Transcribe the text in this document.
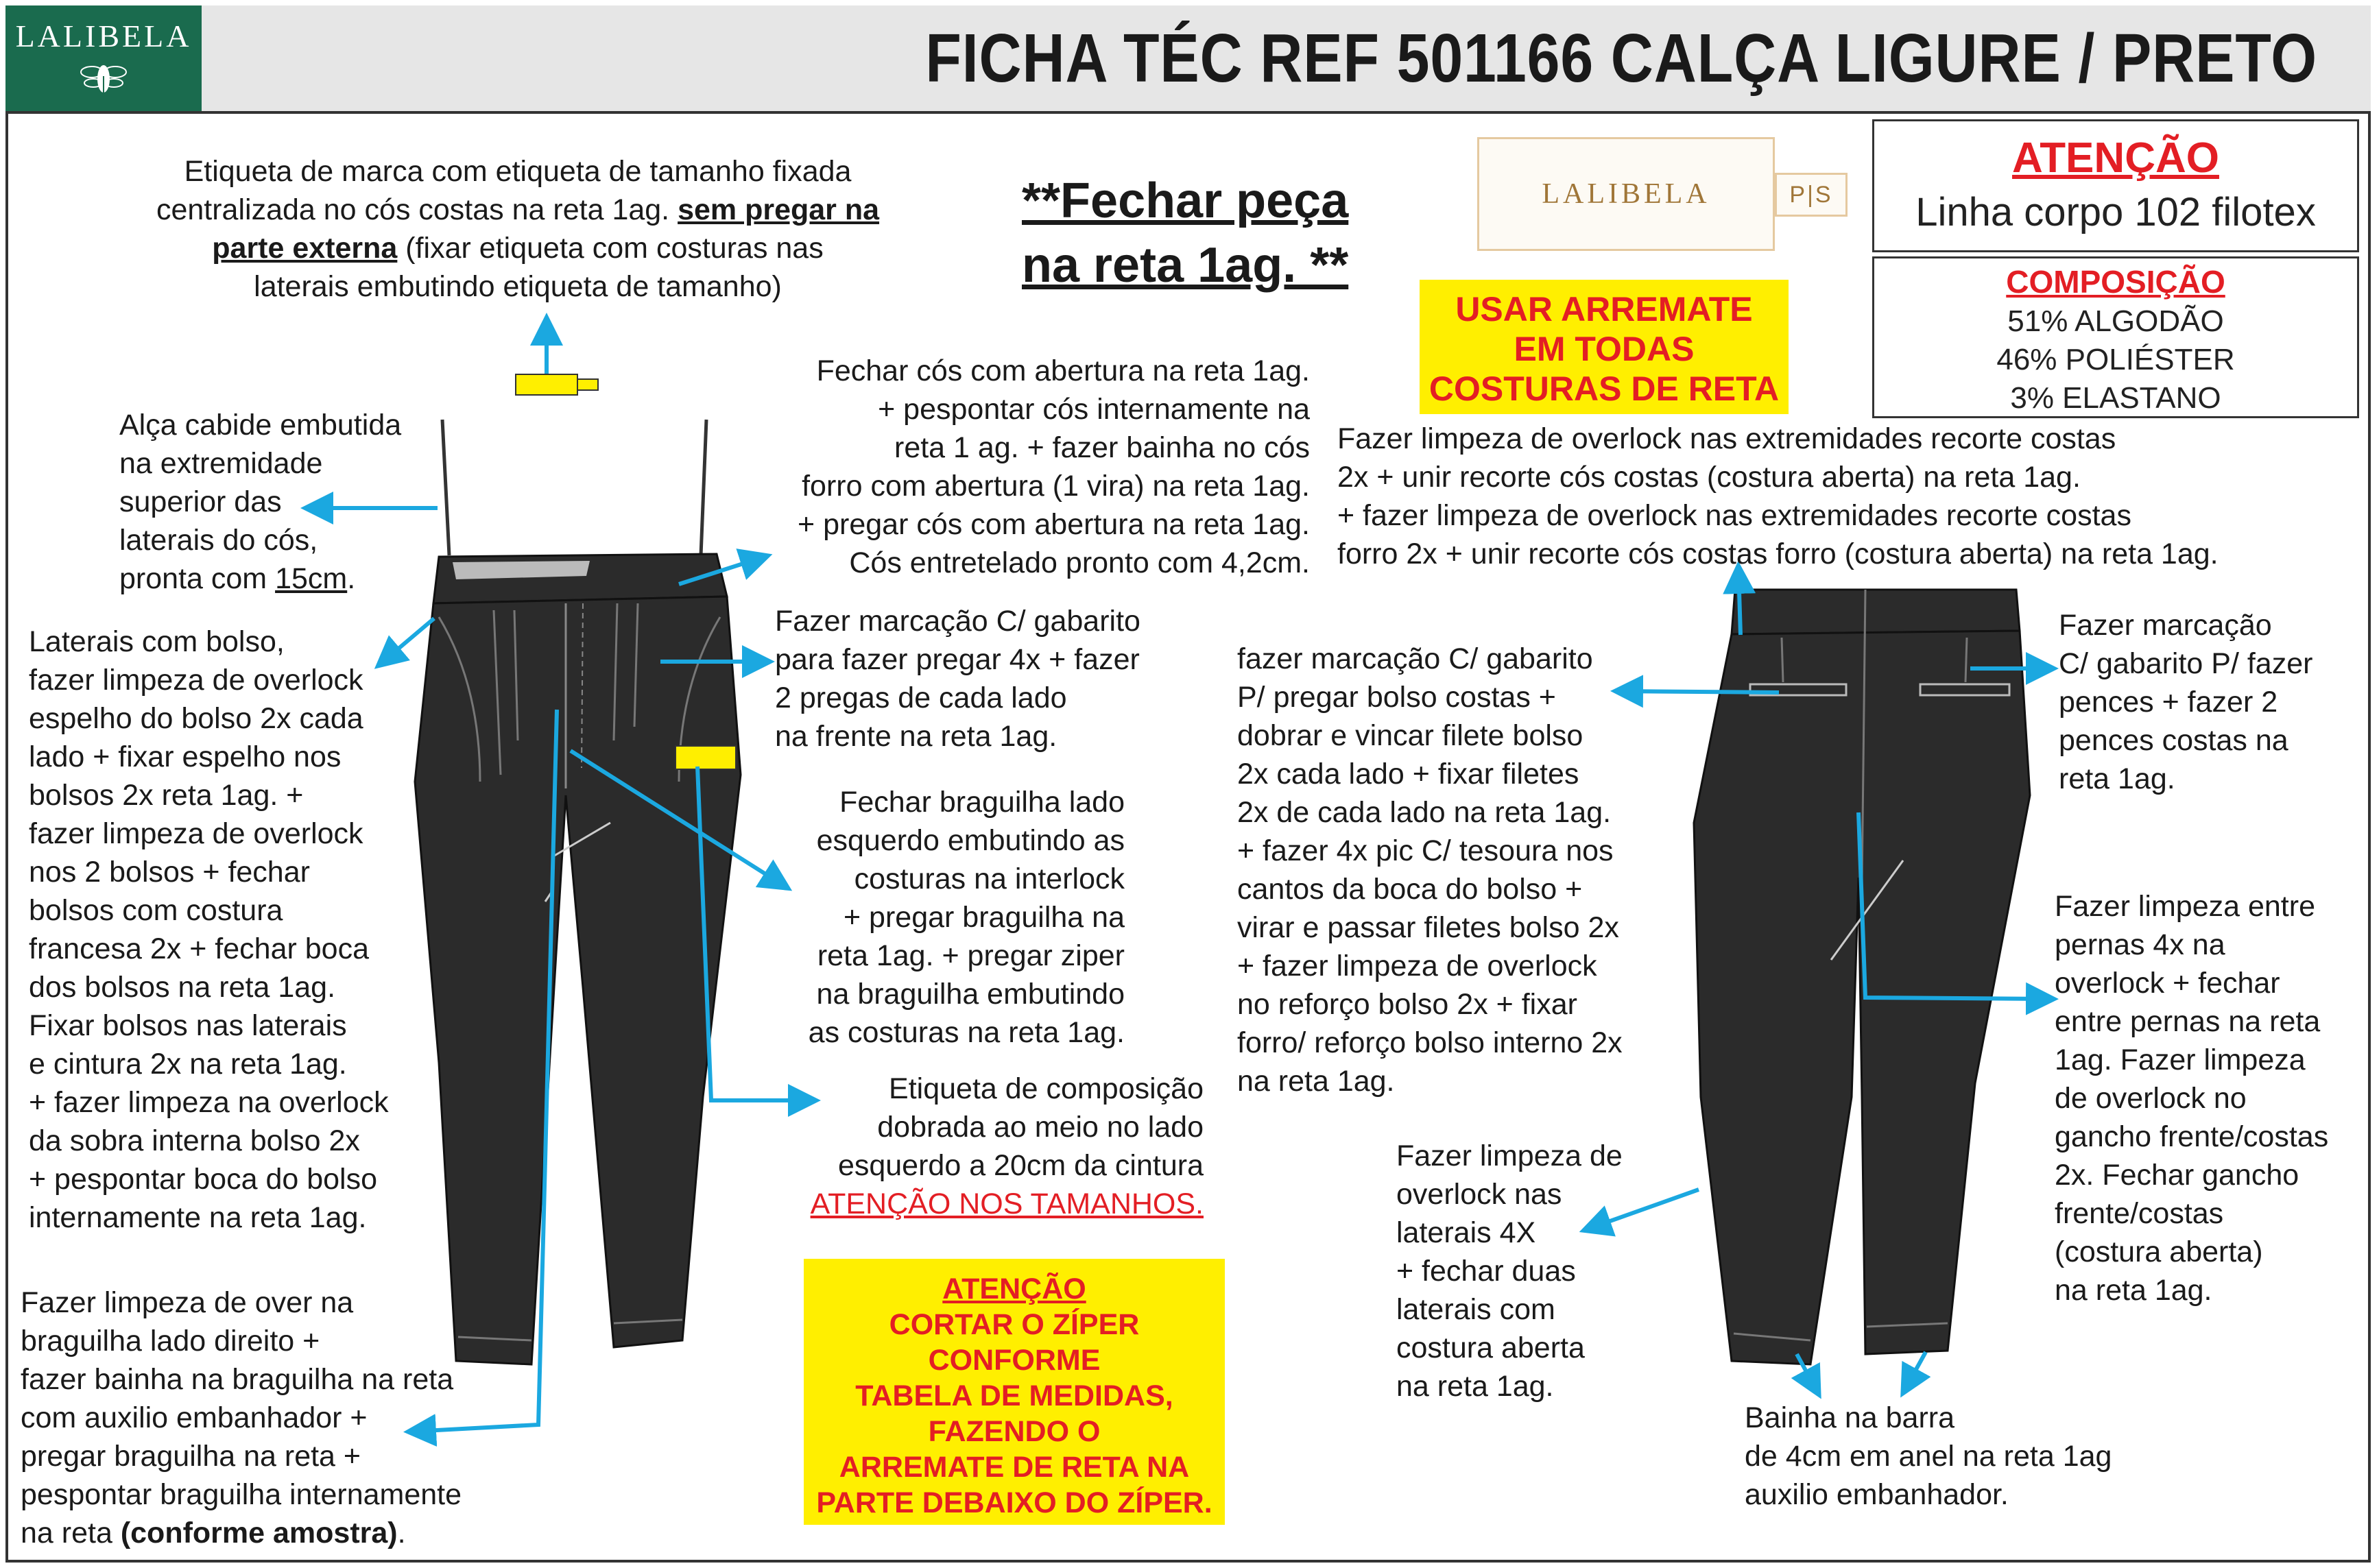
LALIBELA	FICHA TÉC REF 501166 CALÇA LIGURE / PRETO
Etiqueta de marca com etiqueta de tamanho fixada
centralizada no cós costas na reta 1ag. sem pregar na
parte externa (fixar etiqueta com costuras nas
laterais embutindo etiqueta de tamanho)
**Fechar peça
na reta 1ag. **
LALIBELA	P|S
ATENÇÃO
Linha corpo 102 filotex
COMPOSIÇÃO
51% ALGODÃO
46% POLIÉSTER
3% ELASTANO
USAR ARREMATE
EM TODAS
COSTURAS DE RETA
Alça cabide embutida
na extremidade
superior das
laterais do cós,
pronta com 15cm.
Laterais com bolso,
fazer limpeza de overlock
espelho do bolso 2x cada
lado + fixar espelho nos
bolsos 2x reta 1ag. +
fazer limpeza de overlock
nos 2 bolsos + fechar
bolsos com costura
francesa 2x + fechar boca
dos bolsos na reta 1ag.
Fixar bolsos nas laterais
e cintura 2x na reta 1ag.
+ fazer limpeza na overlock
da sobra interna bolso 2x
+ pespontar boca do bolso
internamente na reta 1ag.
Fazer limpeza de over na
braguilha lado direito +
fazer bainha na braguilha na reta
com auxilio embanhador +
pregar braguilha na reta +
pespontar braguilha internamente
na reta (conforme amostra).
Fechar cós com abertura na reta 1ag.
+ pespontar cós internamente na
reta 1 ag. + fazer bainha no cós
forro com abertura (1 vira) na reta 1ag.
+ pregar cós com abertura na reta 1ag.
Cós entretelado pronto com 4,2cm.
Fazer marcação C/ gabarito
para fazer pregar 4x + fazer
2 pregas de cada lado
na frente na reta 1ag.
Fechar braguilha lado
esquerdo embutindo as
costuras na interlock
+ pregar braguilha na
reta 1ag. + pregar ziper
na braguilha embutindo
as costuras na reta 1ag.
Etiqueta de composição
dobrada ao meio no lado
esquerdo a 20cm da cintura
ATENÇÃO NOS TAMANHOS.
ATENÇÃO
CORTAR O ZÍPER
CONFORME
TABELA DE MEDIDAS,
FAZENDO O
ARREMATE DE RETA NA
PARTE DEBAIXO DO ZÍPER.
Fazer limpeza de overlock nas extremidades recorte costas
2x + unir recorte cós costas (costura aberta) na reta 1ag.
+ fazer limpeza de overlock nas extremidades recorte costas
forro 2x + unir recorte cós costas forro (costura aberta) na reta 1ag.
fazer marcação C/ gabarito
P/ pregar bolso costas +
dobrar e vincar filete bolso
2x cada lado + fixar filetes
2x de cada lado na reta 1ag.
+ fazer 4x pic C/ tesoura nos
cantos da boca do bolso +
virar e passar filetes bolso 2x
+ fazer limpeza de overlock
no reforço bolso 2x + fixar
forro/ reforço bolso interno 2x
na reta 1ag.
Fazer marcação
C/ gabarito P/ fazer
pences + fazer 2
pences costas na
reta 1ag.
Fazer limpeza entre
pernas 4x na
overlock + fechar
entre pernas na reta
1ag. Fazer limpeza
de overlock no
gancho frente/costas
2x. Fechar gancho
frente/costas
(costura aberta)
na reta 1ag.
Fazer limpeza de
overlock nas
laterais 4X
+ fechar duas
laterais com
costura aberta
na reta 1ag.
Bainha na barra
de 4cm em anel na reta 1ag
auxilio embanhador.
